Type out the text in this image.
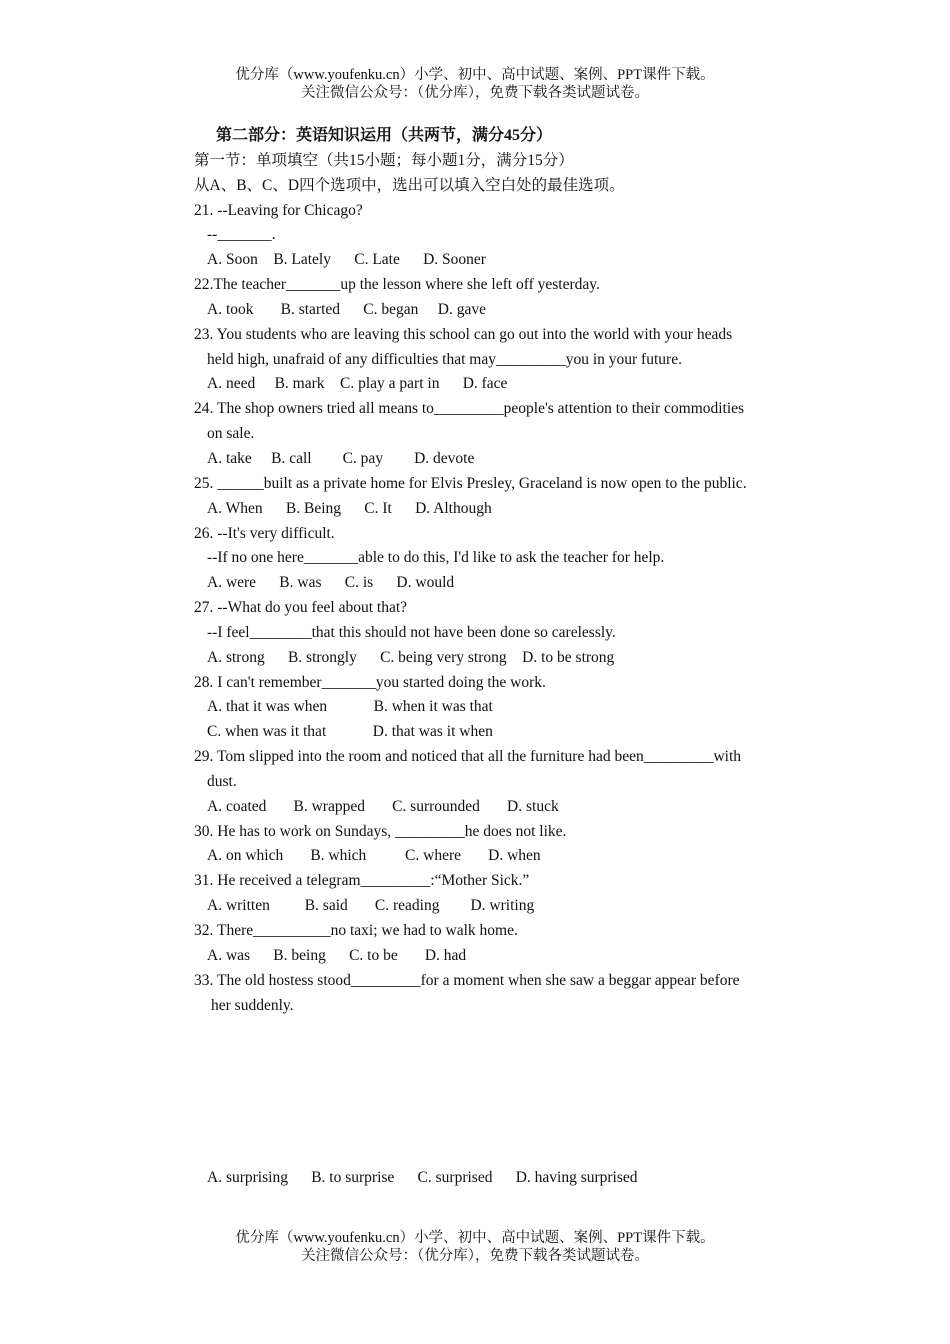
优分库（www.youfenku.cn）小学、初中、高中试题、案例、PPT课件下载。
关注微信公众号：（优分库），免费下载各类试题试卷。
第二部分：英语知识运用（共两节，满分45分）
第一节：单项填空（共15小题；每小题1分，满分15分）
从A、B、C、D四个选项中，选出可以填入空白处的最佳选项。
21. --Leaving for Chicago?
--_______.
A. Soon    B. Lately      C. Late      D. Sooner
22.The teacher_______up the lesson where she left off yesterday.
A. took       B. started      C. began     D. gave
23. You students who are leaving this school can go out into the world with your heads
held high, unafraid of any difficulties that may_________you in your future.
A. need     B. mark    C. play a part in      D. face
24. The shop owners tried all means to_________people's attention to their commodities
on sale.
A. take     B. call        C. pay        D. devote
25. ______built as a private home for Elvis Presley, Graceland is now open to the public.
A. When      B. Being      C. It      D. Although
26. --It's very difficult.
--If no one here_______able to do this, I'd like to ask the teacher for help.
A. were      B. was      C. is      D. would
27. --What do you feel about that?
--I feel________that this should not have been done so carelessly.
A. strong      B. strongly      C. being very strong    D. to be strong
28. I can't remember_______you started doing the work.
A. that it was when            B. when it was that
C. when was it that            D. that was it when
29. Tom slipped into the room and noticed that all the furniture had been_________with
dust.
A. coated       B. wrapped       C. surrounded       D. stuck
30. He has to work on Sundays, _________he does not like.
A. on which       B. which          C. where       D. when
31. He received a telegram_________:“Mother Sick.”
A. written         B. said       C. reading        D. writing
32. There__________no taxi; we had to walk home.
A. was      B. being      C. to be       D. had
33. The old hostess stood_________for a moment when she saw a beggar appear before
her suddenly.
A. surprising      B. to surprise      C. surprised      D. having surprised
优分库（www.youfenku.cn）小学、初中、高中试题、案例、PPT课件下载。
关注微信公众号：（优分库），免费下载各类试题试卷。
